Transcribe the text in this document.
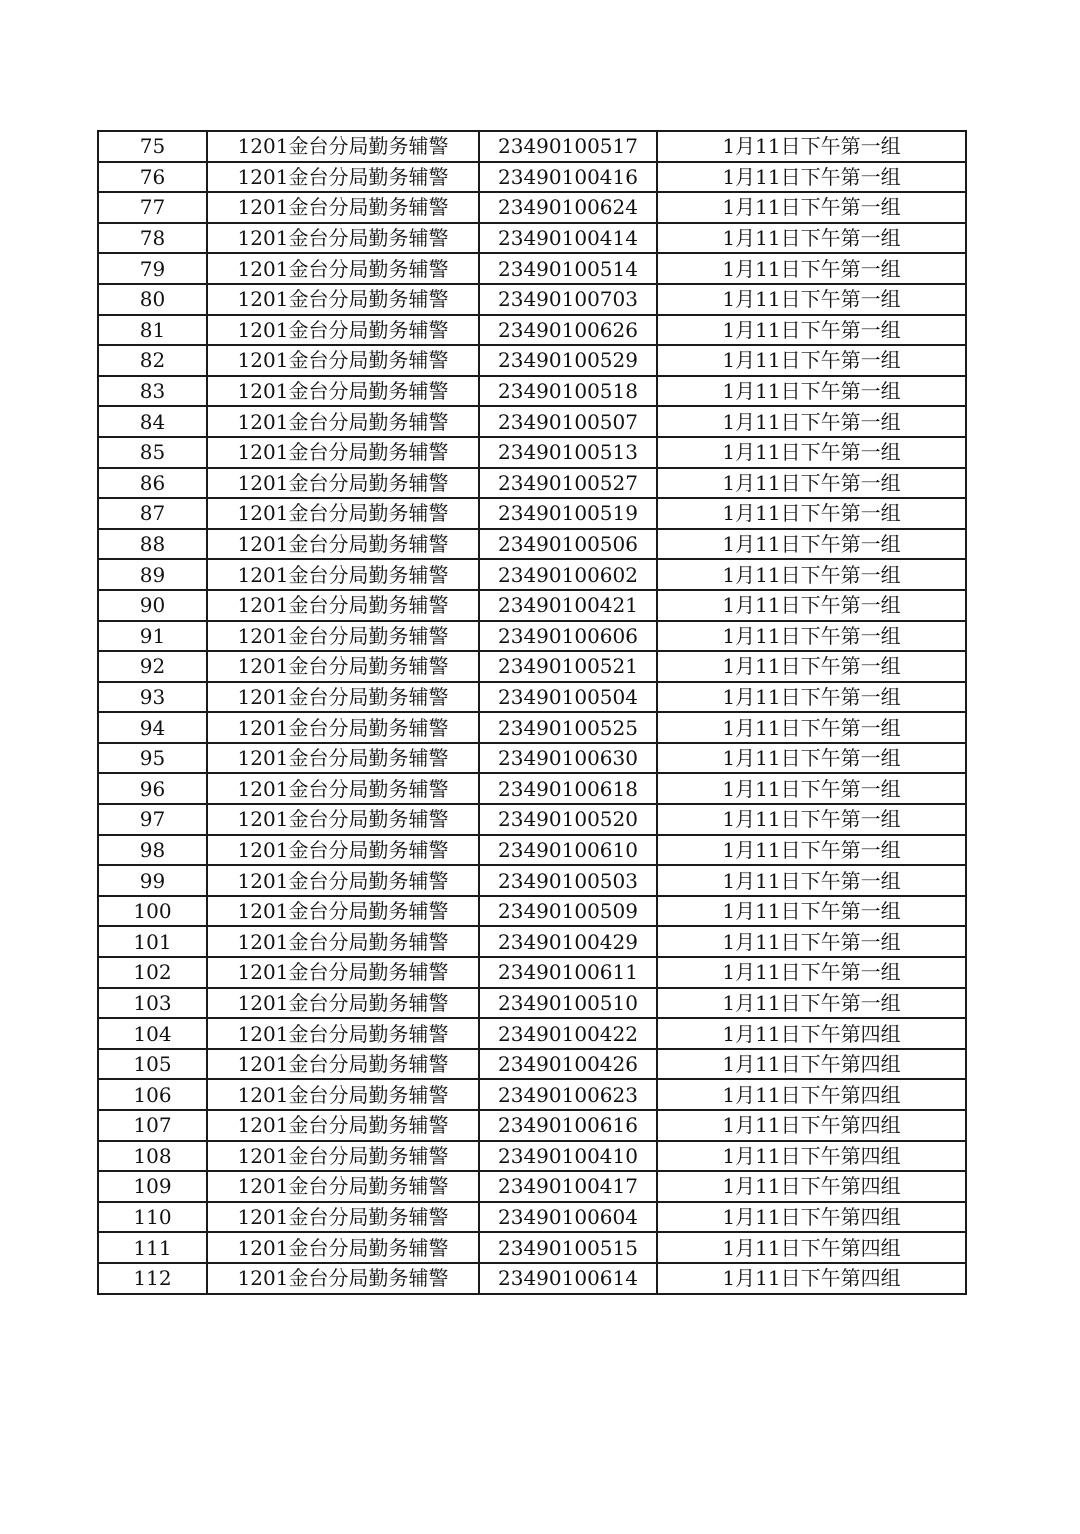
75	1201金台分局勤务辅警	23490100517	1月11日下午第一组
76	1201金台分局勤务辅警	23490100416	1月11日下午第一组
77	1201金台分局勤务辅警	23490100624	1月11日下午第一组
78	1201金台分局勤务辅警	23490100414	1月11日下午第一组
79	1201金台分局勤务辅警	23490100514	1月11日下午第一组
80	1201金台分局勤务辅警	23490100703	1月11日下午第一组
81	1201金台分局勤务辅警	23490100626	1月11日下午第一组
82	1201金台分局勤务辅警	23490100529	1月11日下午第一组
83	1201金台分局勤务辅警	23490100518	1月11日下午第一组
84	1201金台分局勤务辅警	23490100507	1月11日下午第一组
85	1201金台分局勤务辅警	23490100513	1月11日下午第一组
86	1201金台分局勤务辅警	23490100527	1月11日下午第一组
87	1201金台分局勤务辅警	23490100519	1月11日下午第一组
88	1201金台分局勤务辅警	23490100506	1月11日下午第一组
89	1201金台分局勤务辅警	23490100602	1月11日下午第一组
90	1201金台分局勤务辅警	23490100421	1月11日下午第一组
91	1201金台分局勤务辅警	23490100606	1月11日下午第一组
92	1201金台分局勤务辅警	23490100521	1月11日下午第一组
93	1201金台分局勤务辅警	23490100504	1月11日下午第一组
94	1201金台分局勤务辅警	23490100525	1月11日下午第一组
95	1201金台分局勤务辅警	23490100630	1月11日下午第一组
96	1201金台分局勤务辅警	23490100618	1月11日下午第一组
97	1201金台分局勤务辅警	23490100520	1月11日下午第一组
98	1201金台分局勤务辅警	23490100610	1月11日下午第一组
99	1201金台分局勤务辅警	23490100503	1月11日下午第一组
100	1201金台分局勤务辅警	23490100509	1月11日下午第一组
101	1201金台分局勤务辅警	23490100429	1月11日下午第一组
102	1201金台分局勤务辅警	23490100611	1月11日下午第一组
103	1201金台分局勤务辅警	23490100510	1月11日下午第一组
104	1201金台分局勤务辅警	23490100422	1月11日下午第四组
105	1201金台分局勤务辅警	23490100426	1月11日下午第四组
106	1201金台分局勤务辅警	23490100623	1月11日下午第四组
107	1201金台分局勤务辅警	23490100616	1月11日下午第四组
108	1201金台分局勤务辅警	23490100410	1月11日下午第四组
109	1201金台分局勤务辅警	23490100417	1月11日下午第四组
110	1201金台分局勤务辅警	23490100604	1月11日下午第四组
111	1201金台分局勤务辅警	23490100515	1月11日下午第四组
112	1201金台分局勤务辅警	23490100614	1月11日下午第四组
